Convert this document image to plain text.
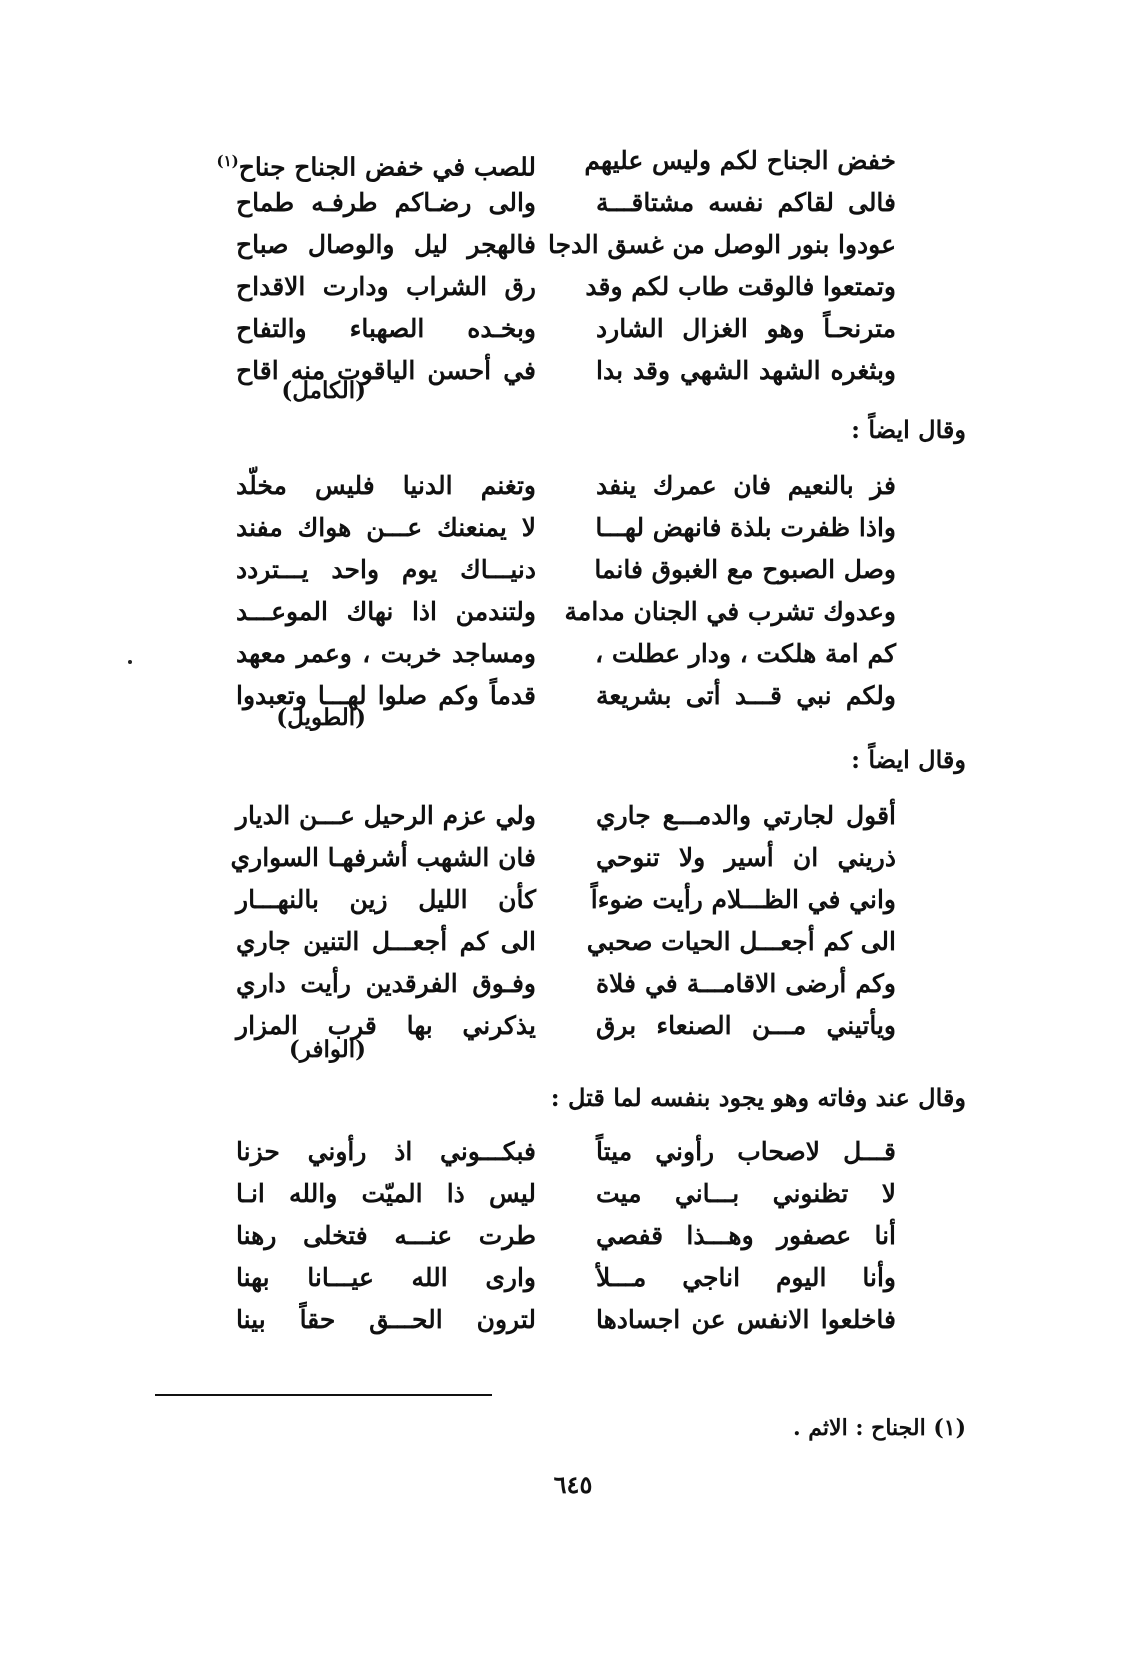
خفض الجناح لكم وليس عليهم
فالى لقاكم نفسه مشتاقـــة
عودوا بنور الوصل من غسق الدجا
وتمتعوا فالوقت طاب لكم وقد
مترنحـاً وهو الغزال الشارد
وبثغره الشهد الشهي وقد بدا
للصب في خفض الجناح جناح$^{(١)}$
والى رضـاكم طرفـه طماح
فالهجر ليل والوصال صباح
رق الشراب ودارت الاقداح
وبخـده الصهباء والتفاح
في أحسن الياقوت منه اقاح
(الكامل)
وقال ايضاً :
فز بالنعيم فان عمرك ينفد
واذا ظفرت بلذة فانهض لهـــا
وصل الصبوح مع الغبوق فانما
وعدوك تشرب في الجنان مدامة
كم امة هلكت ، ودار عطلت ،
ولكم نبي قـــد أتى بشريعة
وتغنم الدنيا فليس مخلّد
لا يمنعنك عـــن هواك مفند
دنيـــاك يوم واحد يـــتردد
ولتندمن اذا نهاك الموعـــد
ومساجد خربت ، وعمر معهد
قدماً وكم صلوا لهـــا وتعبدوا
(الطويل)
وقال ايضاً :
أقول لجارتي والدمـــع جاري
ذريني ان أسير ولا تنوحي
واني في الظـــلام رأيت ضوءاً
الى كم أجعـــل الحيات صحبي
وكم أرضى الاقامـــة في فلاة
ويأتيني مـــن الصنعاء برق
ولي عزم الرحيل عـــن الديار
فان الشهب أشرفهـا السواري
كأن الليل زين بالنهـــار
الى كم أجعـــل التنين جاري
وفـوق الفرقدين رأيت داري
يذكرني بها قرب المزار
(الوافر)
وقال عند وفاته وهو يجود بنفسه لما قتل :
قـــل لاصحاب رأوني ميتاً
لا تظنوني بـــاني ميت
أنا عصفور وهـــذا قفصي
وأنا اليوم اناجي مـــلأ
فاخلعوا الانفس عن اجسادها
فبكـــوني اذ رأوني حزنا
ليس ذا الميّت والله انـا
طرت عنـــه فتخلى رهنا
وارى الله عيـــانا بهنا
لترون الحـــق حقاً بينا
(١) الجناح : الاثم .
٦٤٥
